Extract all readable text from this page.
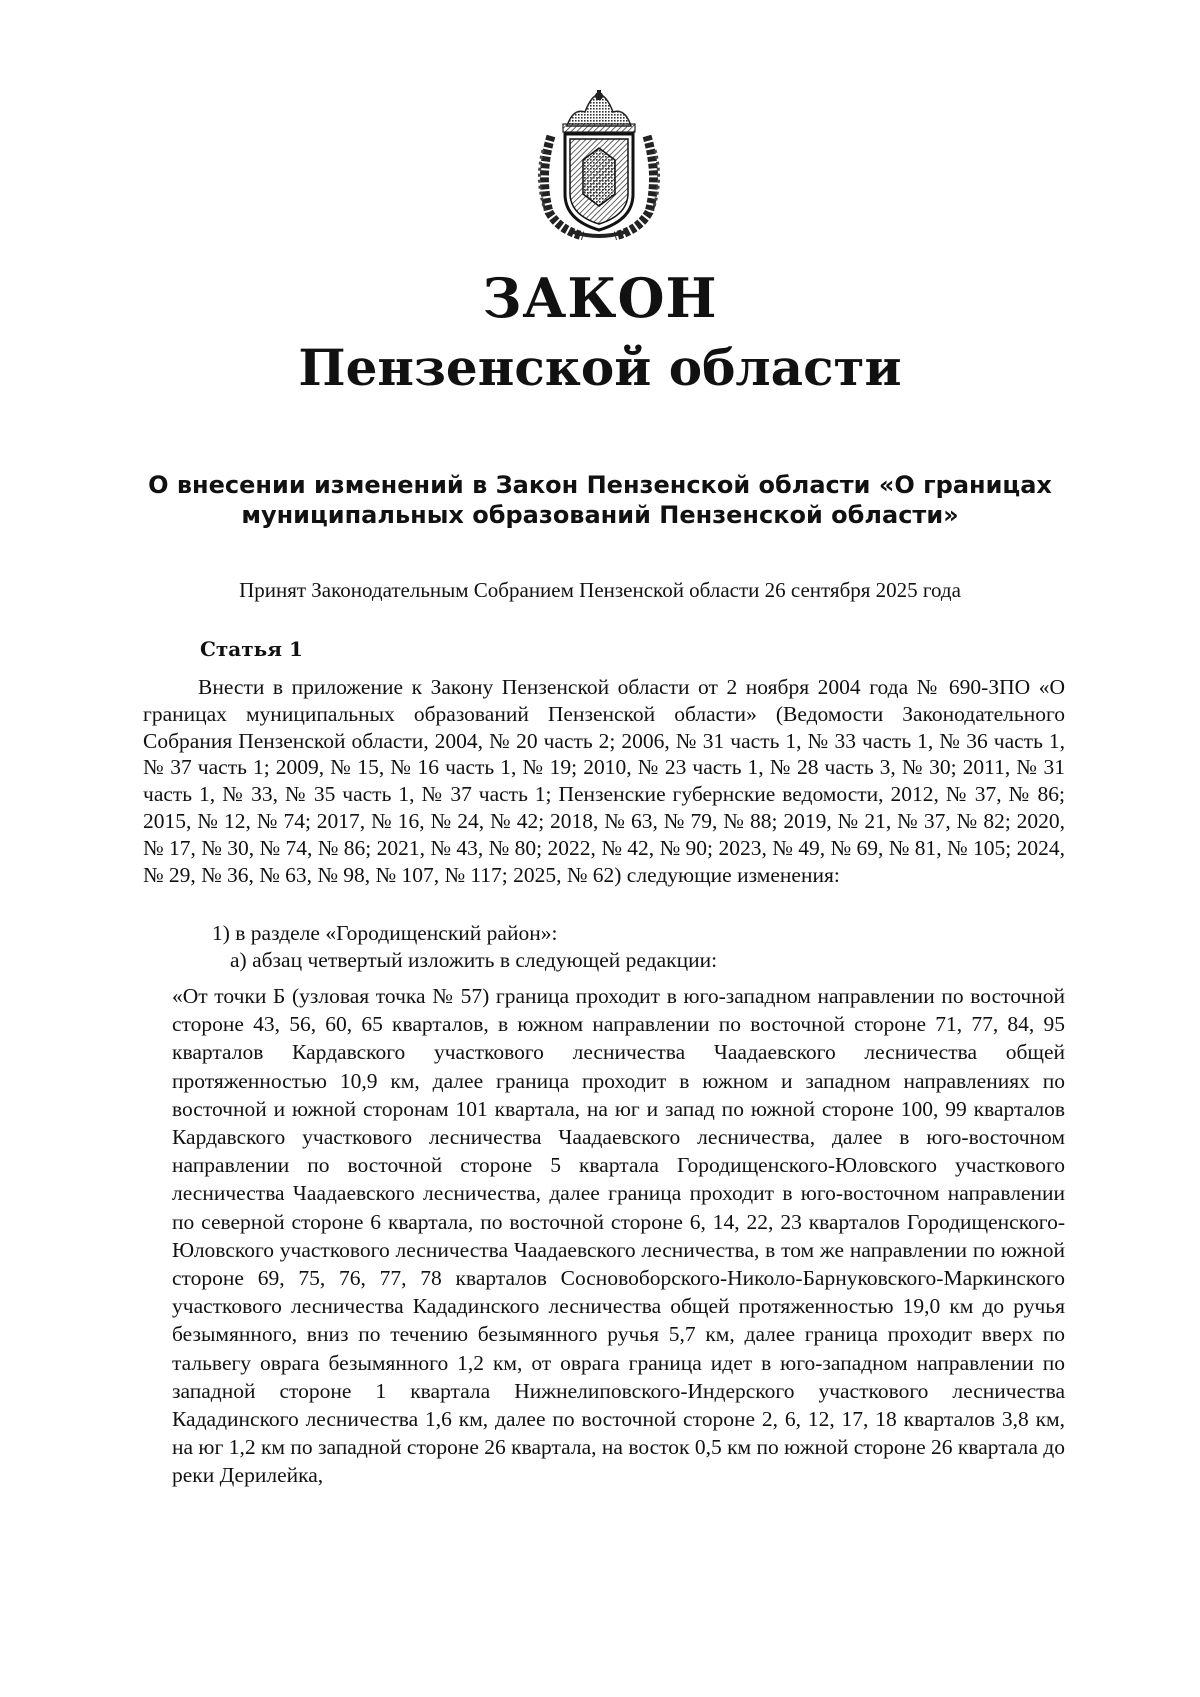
ЗАКОН
Пензенской области
О внесении изменений в Закон Пензенской области «О границах
муниципальных образований Пензенской области»
Принят Законодательным Собранием Пензенской области 26 сентября 2025 года
Статья 1
Внести в приложение к Закону Пензенской области от 2 ноября 2004 года № 690-ЗПО «О границах муниципальных образований Пензенской области» (Ведомости Законодательного Собрания Пензенской области, 2004, № 20 часть 2; 2006, № 31 часть 1, № 33 часть 1, № 36 часть 1, № 37 часть 1; 2009, № 15, № 16 часть 1, № 19; 2010, № 23 часть 1, № 28 часть 3, № 30; 2011, № 31 часть 1, № 33, № 35 часть 1, № 37 часть 1; Пензенские губернские ведомости, 2012, № 37, № 86; 2015, № 12, № 74; 2017, № 16, № 24, № 42; 2018, № 63, № 79, № 88; 2019, № 21, № 37, № 82; 2020, № 17, № 30, № 74, № 86; 2021, № 43, № 80; 2022, № 42, № 90; 2023, № 49, № 69, № 81, № 105; 2024, № 29, № 36, № 63, № 98, № 107, № 117; 2025, № 62) следующие изменения:
1) в разделе «Городищенский район»:
а) абзац четвертый изложить в следующей редакции:
«От точки Б (узловая точка № 57) граница проходит в юго-западном направлении по восточной стороне 43, 56, 60, 65 кварталов, в южном направлении по восточной стороне 71, 77, 84, 95 кварталов Кардавского участкового лесничества Чаадаевского лесничества общей протяженностью 10,9 км, далее граница проходит в южном и западном направлениях по восточной и южной сторонам 101 квартала, на юг и запад по южной стороне 100, 99 кварталов Кардавского участкового лесничества Чаадаевского лесничества, далее в юго-восточном направлении по восточной стороне 5 квартала Городищенского-Юловского участкового лесничества Чаадаевского лесничества, далее граница проходит в юго-восточном направлении по северной стороне 6 квартала, по восточной стороне 6, 14, 22, 23 кварталов Городищенского-Юловского участкового лесничества Чаадаевского лесничества, в том же направлении по южной стороне 69, 75, 76, 77, 78 кварталов Сосновоборского-Николо-Барнуковского-Маркинского участкового лесничества Кададинского лесничества общей протяженностью 19,0 км до ручья безымянного, вниз по течению безымянного ручья 5,7 км, далее граница проходит вверх по тальвегу оврага безымянного 1,2 км, от оврага граница идет в юго-западном направлении по западной стороне 1 квартала Нижнелиповского-Индерского участкового лесничества Кададинского лесничества 1,6 км, далее по восточной стороне 2, 6, 12, 17, 18 кварталов 3,8 км, на юг 1,2 км по западной стороне 26 квартала, на восток 0,5 км по южной стороне 26 квартала до реки Дерилейка,
